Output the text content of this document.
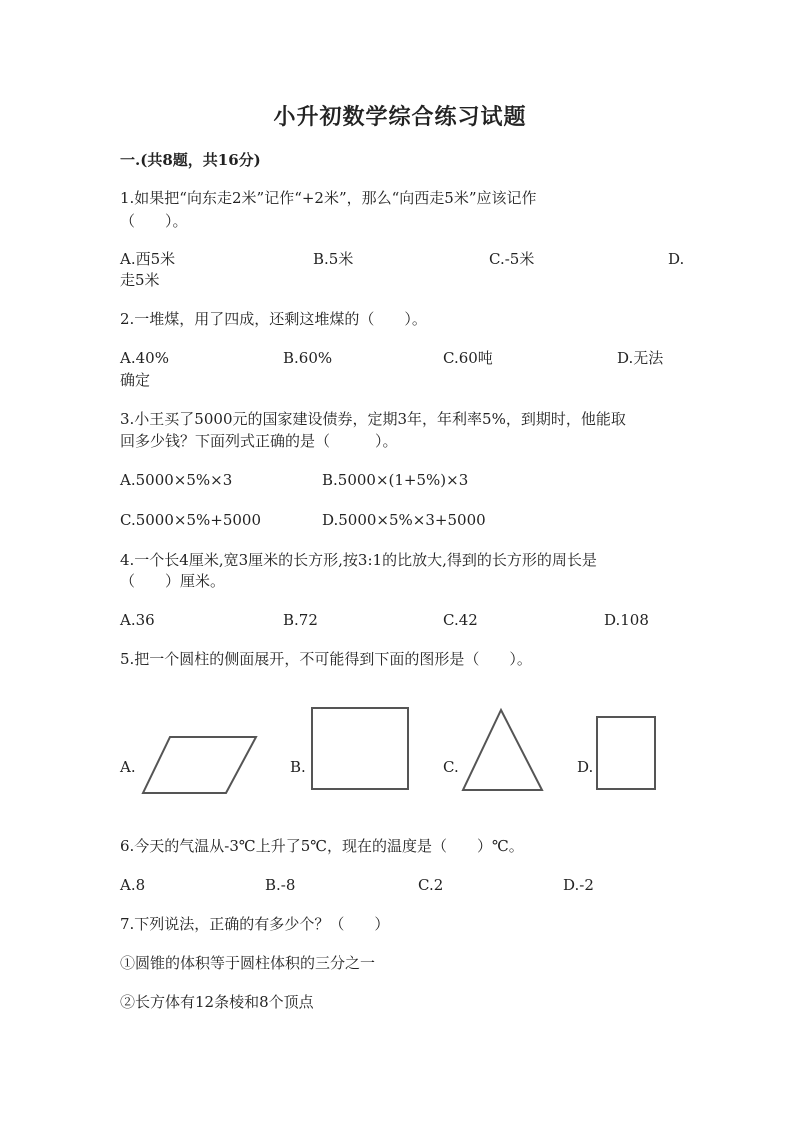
小升初数学综合练习试题
一.(共8题，共16分)
1.如果把“向东走2米”记作“+2米”，那么“向西走5米”应该记作
（　　）。
A.西5米	B.5米	C.-5米	D.
走5米
2.一堆煤，用了四成，还剩这堆煤的（　　）。
A.40%	B.60%	C.60吨	D.无法
确定
3.小王买了5000元的国家建设债券，定期3年，年利率5%，到期时，他能取
回多少钱？下面列式正确的是（　　　）。
A.5000×5%×3	B.5000×(1+5%)×3
C.5000×5%+5000	D.5000×5%×3+5000
4.一个长4厘米,宽3厘米的长方形,按3:1的比放大,得到的长方形的周长是
（　　）厘米。
A.36	B.72	C.42	D.108
5.把一个圆柱的侧面展开，不可能得到下面的图形是（　　）。
A.	B.	C.	D.
6.今天的气温从-3℃上升了5℃，现在的温度是（　　）℃。
A.8	B.-8	C.2	D.-2
7.下列说法，正确的有多少个？（　　）
①圆锥的体积等于圆柱体积的三分之一
②长方体有12条棱和8个顶点
